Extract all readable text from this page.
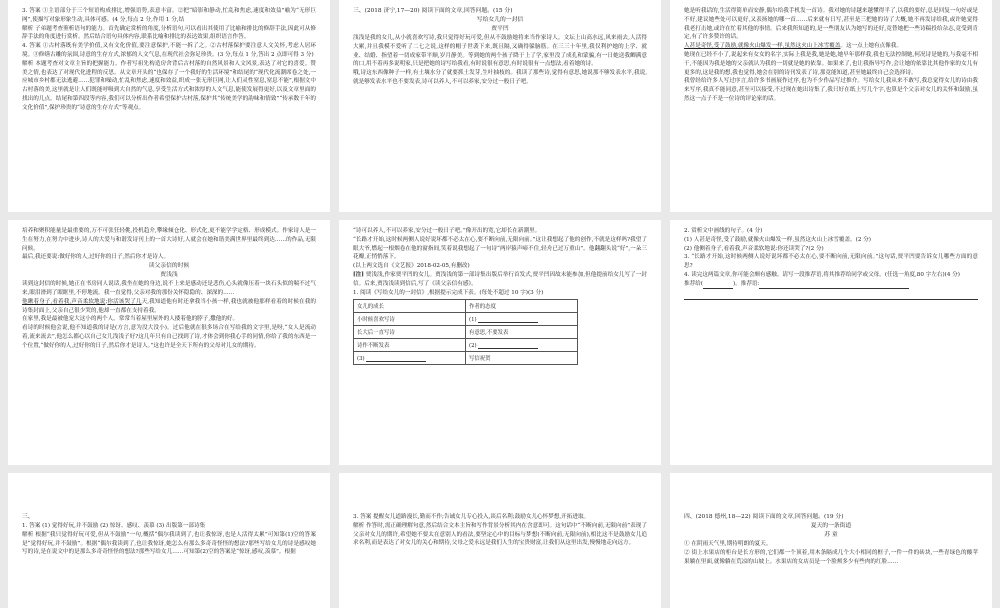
3. 答案 ①主语部分于三个短语构成排比,增强语势,表意丰富。②把“暗影和静动,忙乱和焦虑,速度和效益”喻为“无形巨网”,使描写对象形象生动,具体可感。(4 分,每点 2 分,作用 1 分,结

解析 子弟题考查鉴析语句的能力。首先确定赏析的角度,分析语句,可以看出其使用了比喻和排比的修辞手法,因此可从修辞手法的角度进行赏析。然后结合语句具体内容,联系比喻和排比的表达效果,组织语言作答。

4. 答案 ①古村落既有美学价值,又有文化价值,要注意保护,不能一拆了之。②古村落保护要注意人文关怀,考虑人居环境。③修缮古雕的氛围,诗意的生存方式,浓郁的人文气息,在现代社会弥足珍贵。(3 分,每点 1 分,答出 2 点即可得 3 分)

解析 本题考查对文章主旨的把握能力。作者写祖先构造房舍背后古村落的自然风景和人文风景,表达了对它的喜爱。赞美之情,也表达了对现代化进程的反思。从文章开头的“也保存了一个我好的生活环境”和结尾的“现代化流潮席卷之处,一应城市乡村都无法逃避……犯罪和噪动,忙乱和焦虑,速度和效益,织成一张无形巨网,让人们灵性窒息,窒息不能”,根据文中古村落的美,这里就是让人们既能呼吸到大自然的气息,享受生活方式和浓厚的人文气息,能使发展得更好,以及文章里面的找出的几点。结尾和第四段等内容,我们可以分析出作者希望保护古村落,保护其“传统美学的韵味和情致”“传承数千年的文化价值”,保护珍贵的“诗意的生存方式”等观点。

三、(2018 济宁,17—20) 阅读下面的文章,回答问题。(15 分)

写给女儿的一封信

贾平凹

浅浅是我的女儿,从小就喜欢写诗,我只觉得好玩可爱,但从不鼓励她将来当作家诗人。文坛上山高水远,风来雨去,人活得大累,并且我模不爱听了二七之说,这样的帽子世袭下来,既且隔,又确得躲脑筋。在三三十年里,我仅利护她的上学、就业、结婚、指望着一切成家带平顺,岁月静美。等到她的两个孩子降于上了学,家里没了成孔和蒙骗,有一日她送我鲫满意的口,用不着再多说明家,只是把她的诗写给我看,有时说很有意思,有时说很有一点想法,看着她的诗。

哦,诗这东西像种子一样,有土壤水分了就要抓土发芽,生叶抽枝的。我读了那些诗,觉得有意思,她说那不够发表水平,我说,就是够发表水平也不要发表,诗可以养人,不可以养家,安分过一般日子吧。

她是听我话的,生活得简单而安静,偶尔给我手机发一首诗。我对她的诗越来越懂得半了,以我的要好,总是回复一句好或是不好,建议她些处可以更好,又表扬她的哪一首……后来就有日写,甚至是三把她的诗了大概,她不再发诗给我,或许她觉得我老打击她,或许在忙着其他的事情。后来我所知道的,是一些朋友认为她写的还好,竟替她把一些诗稿投给杂志,竟受到肯定,有了许多赞许的话。

人甚是奇怪,受了鼓励,就像火山爆发一样,虽然这火山上冰雪覆盖。这一点上她有点像我。

她现在已经不小了,说起来有女女的名字,实际上我是我,她是她,她早年那样我,我也无法控制她,何况诗是她的,与我毫不相干,不能因为我是她的父亲就认为我的一切就是她的依靠。如果来了,也让我指导写作,会让她的依靠比其他作家的女儿有更多的,这是我的想,我也觉得,她会在别的诗刊发表了诗,那竟能知道,甚至她最终自己会选择诗。

我曾经给许多人写过序言,给许多书画展作过序,也为不少作品写过推介。写给女儿我从来不敢写,我总觉得女儿的诗由我来写序,我真不能同意,甚至可以接受,不过现在她出诗集了,我只好在纸上写几个字,也算是个父亲对女儿的关怀和鼓励,虽然这一点子不是一位诗的评论家的话。

培养和聚积能量是最重要的,万不可张狂轻佻,投机趋介,攀缘倾仓化、形式化,更不能学学定格、形成模式。作家诗人是一生在努力,在努力中进步,诗人的大爱与和谐发诗刊上的一首大诗好,人就会在她和谐美满世界里最终到达……的作品,无限问候。

最后,我还要说:做好你的人,过好你的日子,然后你才是诗人。

读父亲信的时候

贾浅浅

读到这封信的时候,她正在书房同人说话,我坐在她的身边,说不上来是感动还是悲伤,心头就像压着一块石头似的喘不过气来,眼泪滑到了眼眶里,不停地流。我一直觉得,父亲对我的那份关怀隐隐的、深深的……

他瞅着身子,看着我,声音柔软地说;你活该哭了几天,我知道他有时还拿我当小孩一样,我也就被他那样看着的时候在我的诗集封面上,父亲自己很少哭的,他却一直都在支持着我。

在家里,我是最被他宠大这小的两个人。常常当着屋里屋外的人搂着他的脖子,撒他的好。

看诗的时候他会说,他不知道我的诗是(方言,意为没大没小)。过后他就在很多场合在写给我的文字里,是呀,“女人是流动着,流来流去”,他怎么都心以自己女儿浅浅子好?这几年只有自己找到了诗,才体会到你我心手的同情,你给了我的东西是一个位置,“做好你的人,过好你的日子,然后你才是诗人。”这也许是全天下所有的父母对儿女的期待。

“诗可以养人,不可以养家,安分过一般日子吧。”像开出的宽,它却长在新潮里。

“长路才开始,这时候两侧人说好说坏都不必太在心,要不断向前,无限向前。”这让我想起了他的创作,不就是这样吗?我望了眼大爷,燃起一根烟卷在他的窗指间,笑着说我想起了一句诗“两岸猿声啼不住,轻舟已过万重山”。他翻翻头说“好”,一朵三花瓣,正悄悄落下。

(以上两文选自《文艺报》2018-02-05,有删改)

[注] 贾浅浅,作家贾平凹的女儿。贾浅浅的第一部诗集出版后举行首发式,贾平凹因故未能参加,但他提前给女儿写了一封信。后来,贾浅浅读到信后,写了《读父亲信有感》。

1. 阅读《写给女儿的一封信》,根据提示完成下表。(每处不超过 10 字)(3 分)

女儿的成长	作者的态度
小时候喜欢写诗	(1)
长大后一直写诗	有意思,不要发表
诗作不断发表	(2)
(3)	写信祝贺

2. 赏析文中画线的句子。(4 分)

(1) 人甚是奇怪,受了鼓励,就像火山爆发一样,虽然这火山上冰雪覆盖。(2 分)

(2) 他侧着身子,看着我,声音柔软地说:你还读哭了?(2 分)

3. “长路才开始,这时候两侧人说好说坏都不必太在心,要不断向前,无限向前。”这句话,贾平凹要告诉女儿哪些方面的意思?

4. 读完这两篇文章,你可能会颇有感触。请写一段推荐语,将其推荐给同学或父母。(任选一角度,80 字左右)(4 分)

推荐给(	)。推荐语:

三、

1. 答案 (1) 觉得好玩,并不鼓励 (2) 惊讶、感叹、羡慕 (3) 出版第一部诗集

解析 根据“我只觉得好玩可爱,但从不鼓励”一句,概括“偶尔我读到了,也让我惊讶,也是人活得太累”可知第(1)空的答案是“觉得好玩,并不鼓励”。根据“偶尔我读到了,也让我惊讶,她怎么有那么多奇奇怪怪的想法?那些写给女儿的诗是感叹她写的诗,是在说文中的是那么多奇奇怪怪的想法?那些写给女儿……可知第(2)空的答案是“惊讶,感叹,羡慕”。根据

3. 答案 提醒女儿道路漫长,勤而不作;告诫女儿专心投入,谈后名利;鼓励女儿心怀梦想,开拓进取。

解析 作答时,需正确理解句意,然后结合文本主旨和写作背景分析其内在含意即可。这句话中“不断向前,无限向前”表现了父亲对女儿的期许,希望她不要太在意别人的看法,要坚定心中的目标与梦想(不断向前,无限向前),相比这不是鼓励女儿追求名利,而是表达了对女儿的关心和期待,父母之爱永远是我们人生的宝贵财富,让我们从这里出发,慢慢地走向远方。

四、(2018 德州,18—22) 阅读下面的文章,回答问题。(19 分)

夏天的一条街道

苏 童

① 在阴雨天气里,期待明朗的夏天。

② 街上水果店的柜台是长方形的,它们都一个顶着,用木条隔成几个大小相同的框子,一件一件的砖块,一些青绿色的酸苹果躺在里面,就像躺在荒凉的山坡上。水果店的女店员是一个脸颊多少有些肉的红脸……
